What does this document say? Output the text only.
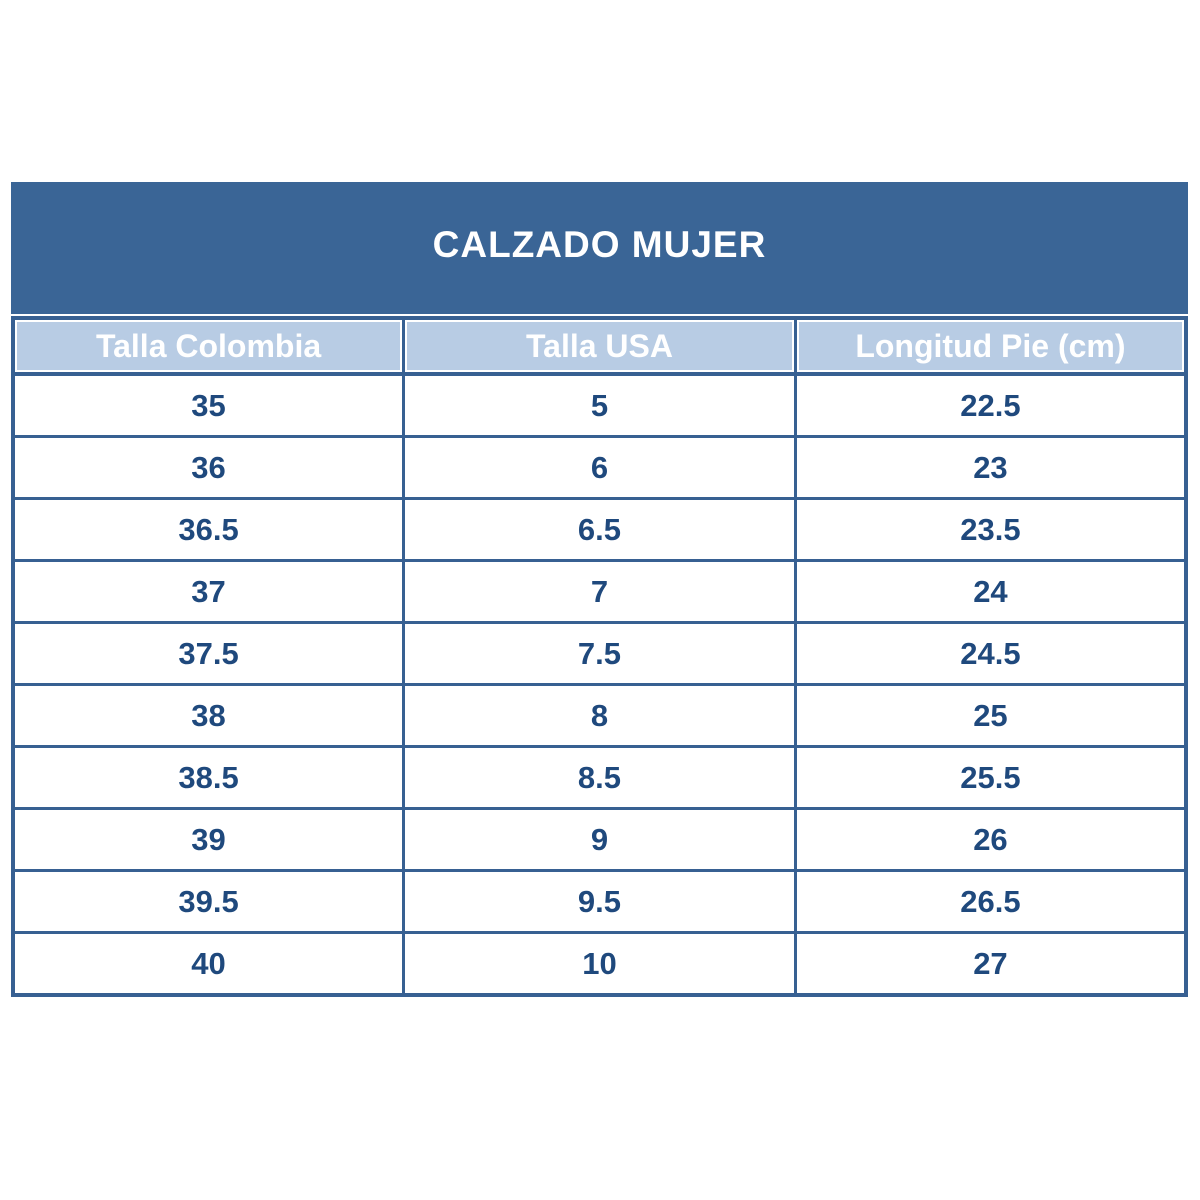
CALZADO MUJER
Talla Colombia	Talla USA	Longitud Pie (cm)
35	5	22.5
36	6	23
36.5	6.5	23.5
37	7	24
37.5	7.5	24.5
38	8	25
38.5	8.5	25.5
39	9	26
39.5	9.5	26.5
40	10	27
